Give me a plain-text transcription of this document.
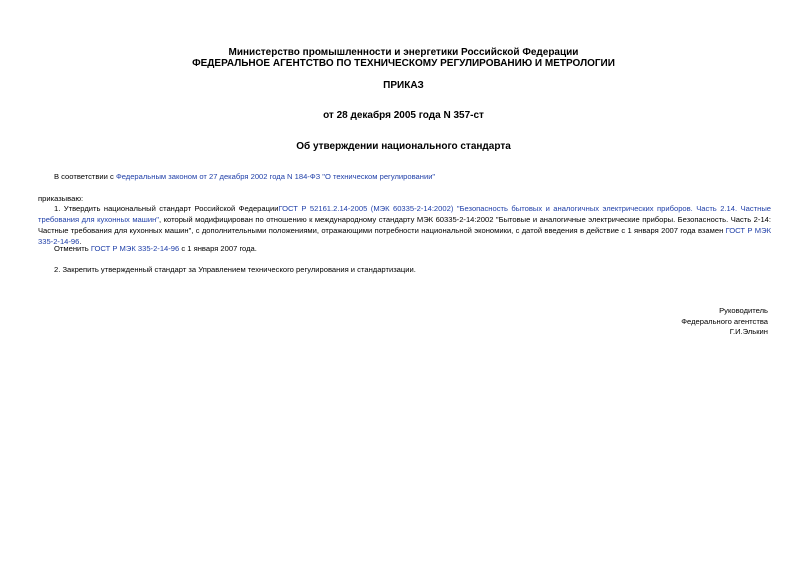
Министерство промышленности и энергетики Российской Федерации
ФЕДЕРАЛЬНОЕ АГЕНТСТВО ПО ТЕХНИЧЕСКОМУ РЕГУЛИРОВАНИЮ И МЕТРОЛОГИИ
ПРИКАЗ
от 28 декабря 2005 года N 357-ст
Об утверждении национального стандарта
В соответствии с Федеральным законом от 27 декабря 2002 года N 184-ФЗ "О техническом регулировании"
приказываю:
1. Утвердить национальный стандарт Российской ФедерацииГОСТ Р 52161.2.14-2005 (МЭК 60335-2-14:2002) "Безопасность бытовых и аналогичных электрических приборов. Часть 2.14. Частные требования для кухонных машин", который модифицирован по отношению к международному стандарту МЭК 60335-2-14:2002 "Бытовые и аналогичные электрические приборы. Безопасность. Часть 2-14: Частные требования для кухонных машин", с дополнительными положениями, отражающими потребности национальной экономики, с датой введения в действие с 1 января 2007 года взамен ГОСТ Р МЭК 335-2-14-96.
Отменить ГОСТ Р МЭК 335-2-14-96 с 1 января 2007 года.
2. Закрепить утвержденный стандарт за Управлением технического регулирования и стандартизации.
Руководитель
Федерального агентства
Г.И.Элькин
